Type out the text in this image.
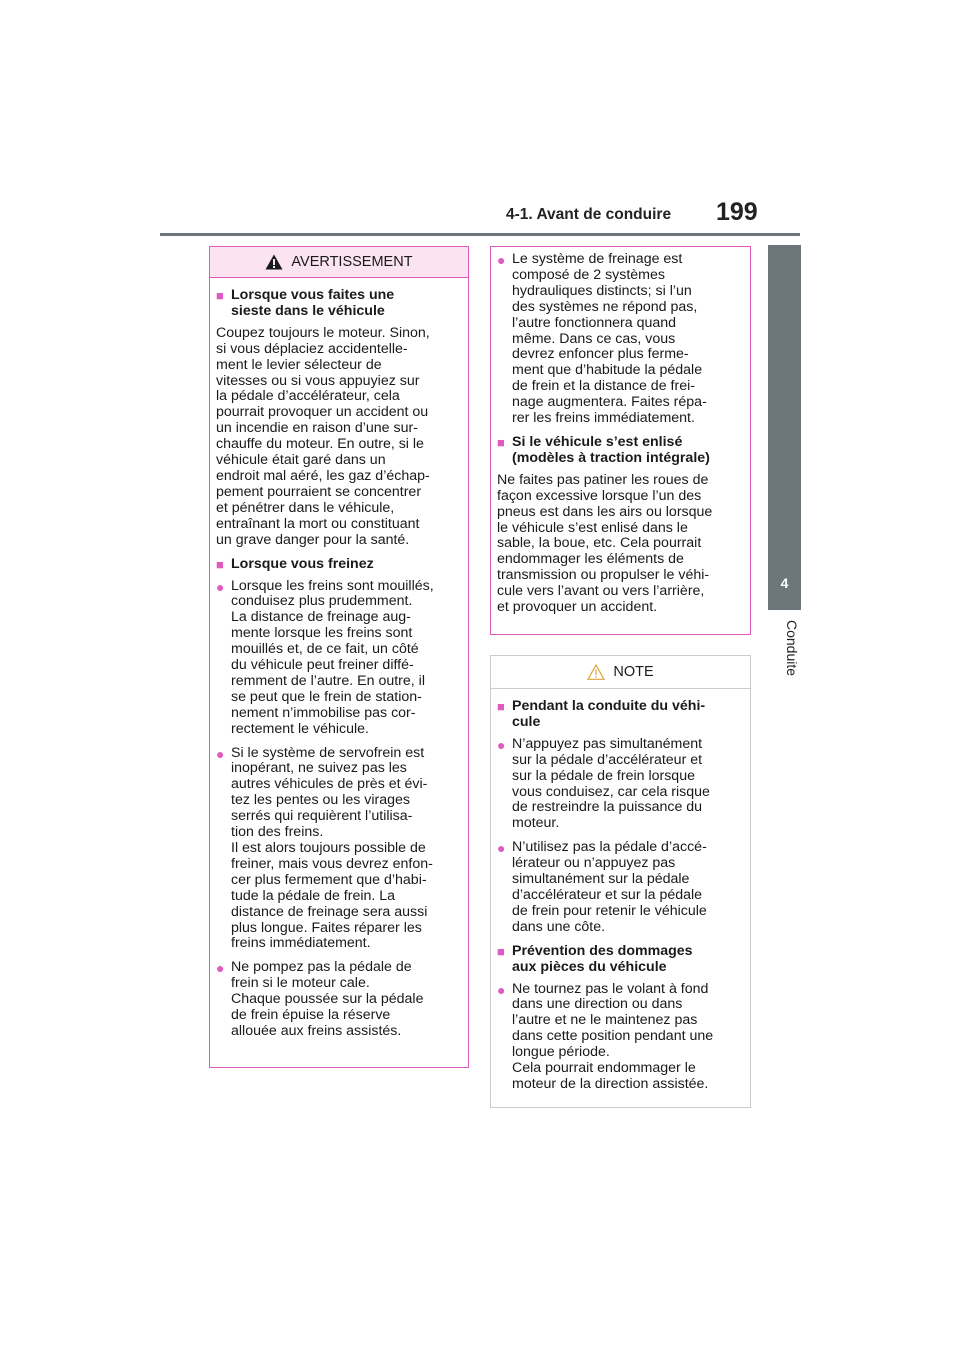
4-1. Avant de conduire 199
4
Conduite
AVERTISSEMENT
■ Lorsque vous faites une
sieste dans le véhicule

Coupez toujours le moteur. Sinon,
si vous déplaciez accidentelle-
ment le levier sélecteur de
vitesses ou si vous appuyiez sur
la pédale d’accélérateur, cela
pourrait provoquer un accident ou
un incendie en raison d’une sur-
chauffe du moteur. En outre, si le
véhicule était garé dans un
endroit mal aéré, les gaz d’échap-
pement pourraient se concentrer
et pénétrer dans le véhicule,
entraînant la mort ou constituant
un grave danger pour la santé.

■ Lorsque vous freinez
● Lorsque les freins sont mouillés,
conduisez plus prudemment.
La distance de freinage aug-
mente lorsque les freins sont
mouillés et, de ce fait, un côté
du véhicule peut freiner diffé-
remment de l’autre. En outre, il
se peut que le frein de station-
nement n’immobilise pas cor-
rectement le véhicule.
● Si le système de servofrein est
inopérant, ne suivez pas les
autres véhicules de près et évi-
tez les pentes ou les virages
serrés qui requièrent l’utilisa-
tion des freins.
Il est alors toujours possible de
freiner, mais vous devrez enfon-
cer plus fermement que d’habi-
tude la pédale de frein. La
distance de freinage sera aussi
plus longue. Faites réparer les
freins immédiatement.
● Ne pompez pas la pédale de
frein si le moteur cale.
Chaque poussée sur la pédale
de frein épuise la réserve
allouée aux freins assistés.
● Le système de freinage est
composé de 2 systèmes
hydrauliques distincts; si l’un
des systèmes ne répond pas,
l’autre fonctionnera quand
même. Dans ce cas, vous
devrez enfoncer plus ferme-
ment que d’habitude la pédale
de frein et la distance de frei-
nage augmentera. Faites répa-
rer les freins immédiatement.
■ Si le véhicule s’est enlisé
(modèles à traction intégrale)

Ne faites pas patiner les roues de
façon excessive lorsque l’un des
pneus est dans les airs ou lorsque
le véhicule s’est enlisé dans le
sable, la boue, etc. Cela pourrait
endommager les éléments de
transmission ou propulser le véhi-
cule vers l’avant ou vers l’arrière,
et provoquer un accident.

NOTE
■ Pendant la conduite du véhi-
cule
● N’appuyez pas simultanément
sur la pédale d’accélérateur et
sur la pédale de frein lorsque
vous conduisez, car cela risque
de restreindre la puissance du
moteur.
● N’utilisez pas la pédale d’accé-
lérateur ou n’appuyez pas
simultanément sur la pédale
d’accélérateur et sur la pédale
de frein pour retenir le véhicule
dans une côte.
■ Prévention des dommages
aux pièces du véhicule
● Ne tournez pas le volant à fond
dans une direction ou dans
l’autre et ne le maintenez pas
dans cette position pendant une
longue période.
Cela pourrait endommager le
moteur de la direction assistée.
